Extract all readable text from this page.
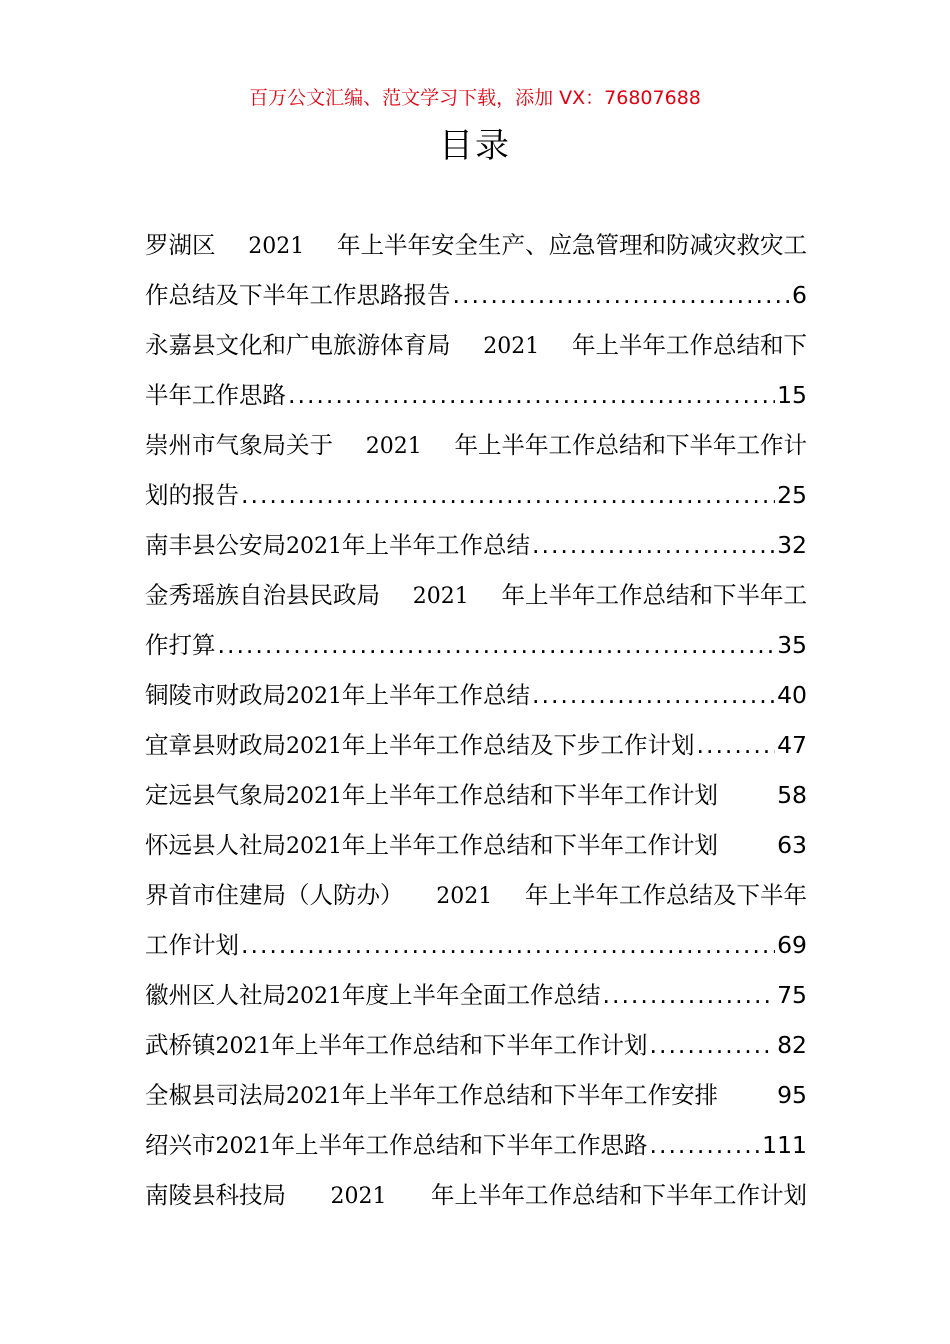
百万公文汇编、范文学习下载，添加 VX：76807688
目录
罗湖区 2021 年上半年安全生产、应急管理和防减灾救灾工
作总结及下半年工作思路报告 .....	6
永嘉县文化和广电旅游体育局 2021 年上半年工作总结和下
半年工作思路 .....	15
崇州市气象局关于 2021 年上半年工作总结和下半年工作计
划的报告 .....	25
南丰县公安局 2021 年上半年工作总结 .....	32
金秀瑶族自治县民政局 2021 年上半年工作总结和下半年工
作打算 .....	35
铜陵市财政局 2021 年上半年工作总结 .....	40
宜章县财政局 2021 年上半年工作总结及下步工作计划 .....	47
定远县气象局2021年上半年工作总结和下半年工作计划	58
怀远县人社局2021年上半年工作总结和下半年工作计划	63
界首市住建局（人防办） 2021 年上半年工作总结及下半年
工作计划 .....	69
徽州区人社局 2021 年度上半年全面工作总结 .....	75
武桥镇 2021 年上半年工作总结和下半年工作计划 .....	82
全椒县司法局2021年上半年工作总结和下半年工作安排	95
绍兴市 2021 年上半年工作总结和下半年工作思路 .....	111
南陵县科技局 2021 年上半年工作总结和下半年工作计划
